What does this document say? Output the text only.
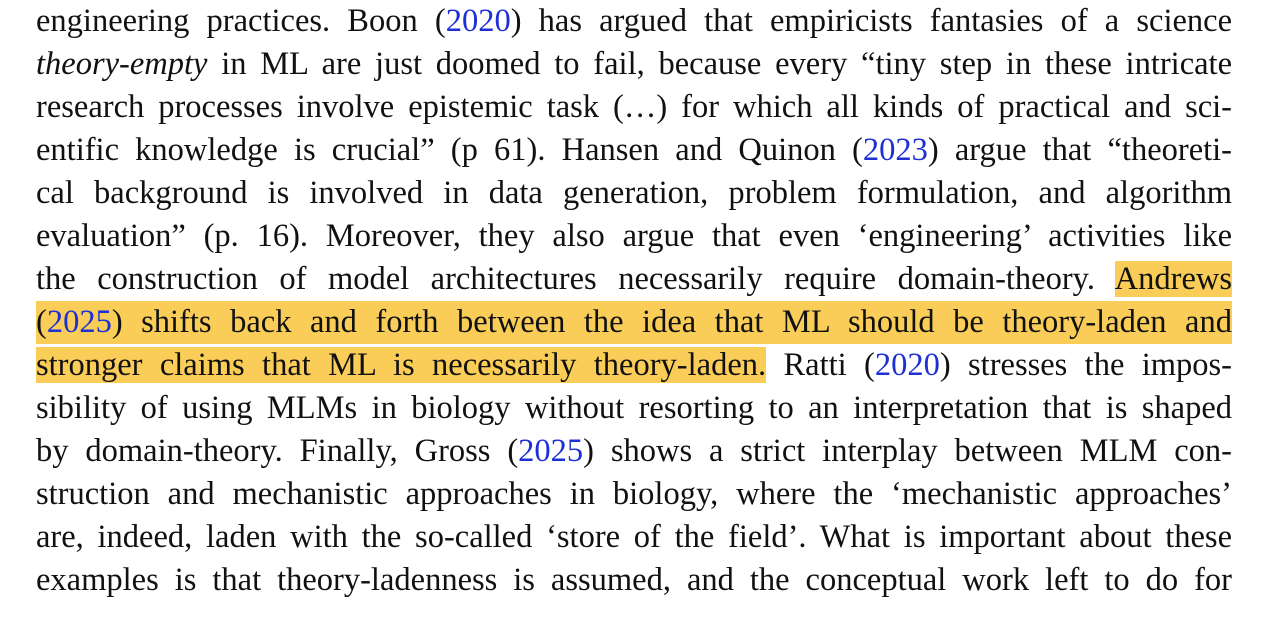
engineering practices. Boon (2020) has argued that empiricists fantasies of a science
theory-empty in ML are just doomed to fail, because every “tiny step in these intricate
research processes involve epistemic task (…) for which all kinds of practical and sci-
entific knowledge is crucial” (p 61). Hansen and Quinon (2023) argue that “theoreti-
cal background is involved in data generation, problem formulation, and algorithm
evaluation” (p. 16). Moreover, they also argue that even ‘engineering’ activities like
the construction of model architectures necessarily require domain-theory. Andrews
(2025) shifts back and forth between the idea that ML should be theory-laden and
stronger claims that ML is necessarily theory-laden. Ratti (2020) stresses the impos-
sibility of using MLMs in biology without resorting to an interpretation that is shaped
by domain-theory. Finally, Gross (2025) shows a strict interplay between MLM con-
struction and mechanistic approaches in biology, where the ‘mechanistic approaches’
are, indeed, laden with the so-called ‘store of the field’. What is important about these
examples is that theory-ladenness is assumed, and the conceptual work left to do for
